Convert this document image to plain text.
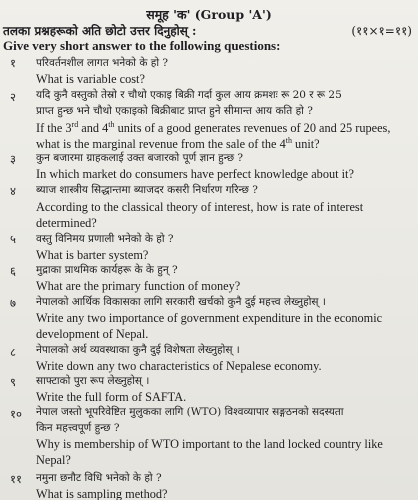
समूह 'क' (Group 'A')
तलका प्रश्नहरूको अति छोटो उत्तर दिनुहोस् :	(११×१=११)
Give very short answer to the following questions:
१ परिवर्तनशील लागत भनेको के हो ?
What is variable cost?
२ यदि कुनै वस्तुको तेस्रो र चौथो एकाइ बिक्री गर्दा कुल आय क्रमशः रू 20 र रू 25
प्राप्त हुन्छ भने चौथो एकाइको बिक्रीबाट प्राप्त हुने सीमान्त आय कति हो ?
If the 3rd and 4th units of a good generates revenues of 20 and 25 rupees,
what is the marginal revenue from the sale of the 4th unit?
३ कुन बजारमा ग्राहकलाई उक्त बजारको पूर्ण ज्ञान हुन्छ ?
In which market do consumers have perfect knowledge about it?
४ ब्याज शास्त्रीय सिद्धान्तमा ब्याजदर कसरी निर्धारण गरिन्छ ?
According to the classical theory of interest, how is rate of interest
determined?
५ वस्तु विनिमय प्रणाली भनेको के हो ?
What is barter system?
६ मुद्राका प्राथमिक कार्यहरू के के हुन् ?
What are the primary function of money?
७ नेपालको आर्थिक विकासका लागि सरकारी खर्चको कुनै दुई महत्त्व लेख्नुहोस् ।
Write any two importance of government expenditure in the economic
development of Nepal.
८ नेपालको अर्थ व्यवस्थाका कुनै दुई विशेषता लेख्नुहोस् ।
Write down any two characteristics of Nepalese economy.
९ साफ्टाको पुरा रूप लेख्नुहोस् ।
Write the full form of SAFTA.
१० नेपाल जस्तो भूपरिवेष्टित मुलुकका लागि (WTO) विश्वव्यापार सङ्गठनको सदस्यता
किन महत्त्वपूर्ण हुन्छ ?
Why is membership of WTO important to the land locked country like
Nepal?
११ नमुना छनौट विधि भनेको के हो ?
What is sampling method?
